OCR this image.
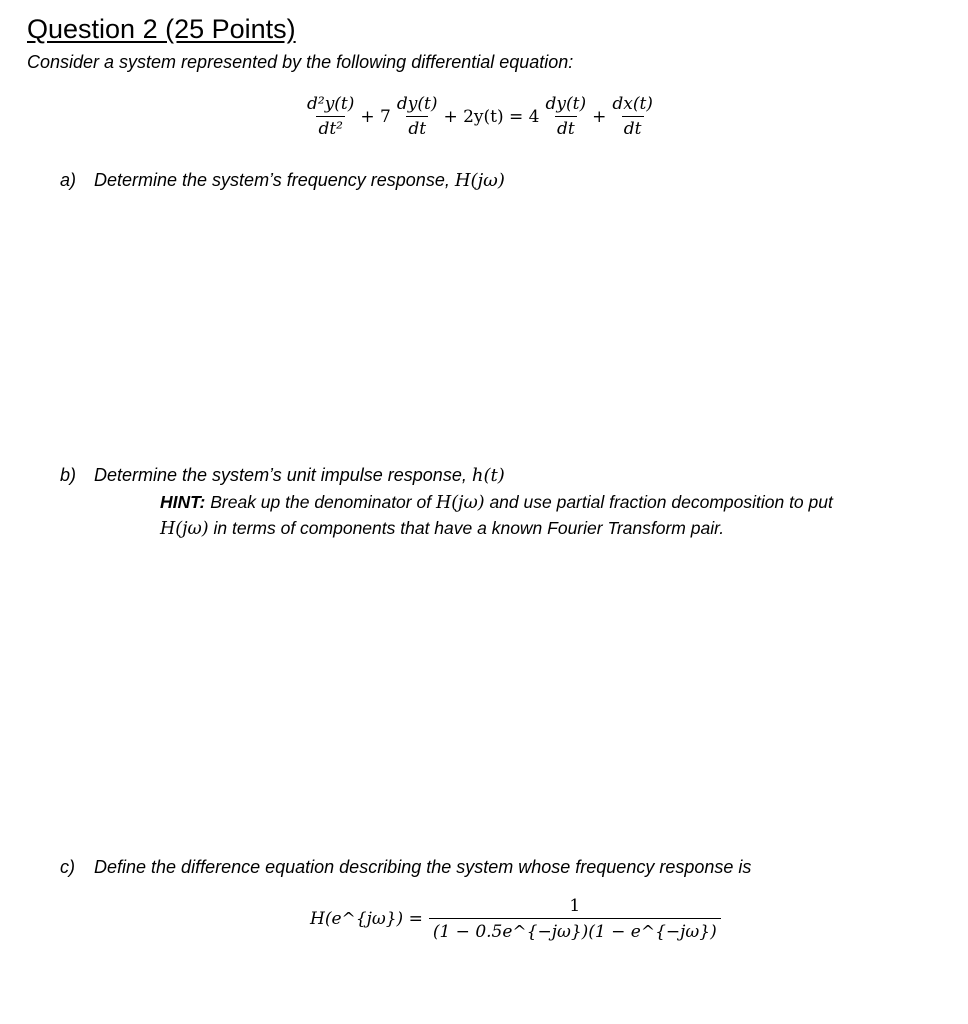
Question 2 (25 Points)
Consider a system represented by the following differential equation:
$\frac{\text{d²y(t)}}{\text{dt²}} + 7 \frac{dy(t)}{dt} + 2y(t) = 4 \frac{dy(t)}{dt} + \frac{dx(t)}{dt}$
a) Determine the system’s frequency response, H(jω)
b) Determine the system’s unit impulse response, h(t)
HINT: Break up the denominator of H(jω) and use partial fraction decomposition to put
H(jω) in terms of components that have a known Fourier Transform pair.
c) Define the difference equation describing the system whose frequency response is
H(e^{jω}) = $\frac{1}{(1 - 0.5e\^{}\{-j\omega\})(1 - e\^{}\{-j\omega\})}$
